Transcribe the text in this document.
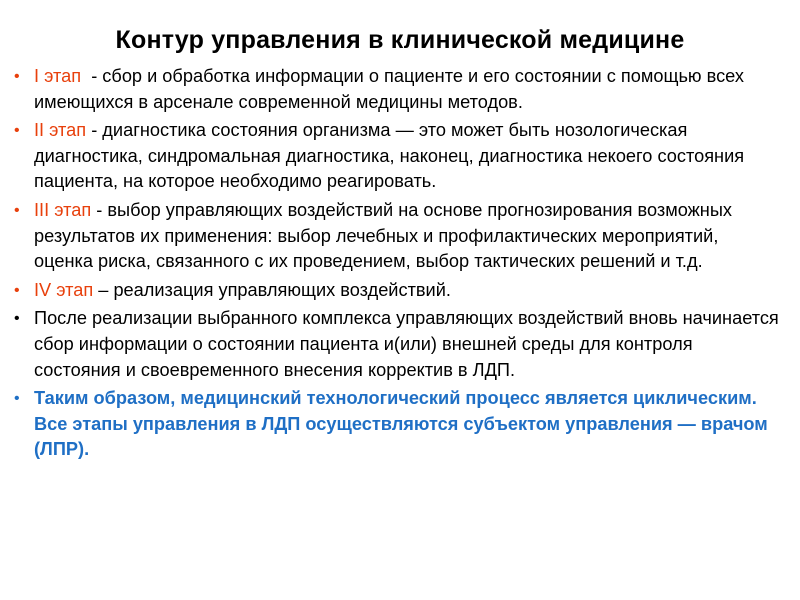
Контур управления в клинической медицине
• I этап  - сбор и обработка информации о пациенте и его состоянии с помощью всех имеющихся в арсенале современной медицины методов.
• II этап - диагностика состояния организма — это может быть нозологическая диагностика, синдромальная диагностика, наконец, диагностика некоего состояния пациента, на которое необходимо реагировать.
• III этап - выбор управляющих воздействий на основе прогнозирования возможных результатов их применения: выбор лечебных и профилактических мероприятий, оценка риска, связанного с их проведением, выбор тактических решений и т.д.
• IV этап – реализация управляющих воздействий.
• После реализации выбранного комплекса управляющих воздействий вновь начинается сбор информации о состоянии пациента и(или) внешней среды для контроля состояния и своевременного внесения корректив в ЛДП.
• Таким образом, медицинский технологический процесс является циклическим. Все этапы управления в ЛДП осуществляются субъектом управления — врачом (ЛПР).
